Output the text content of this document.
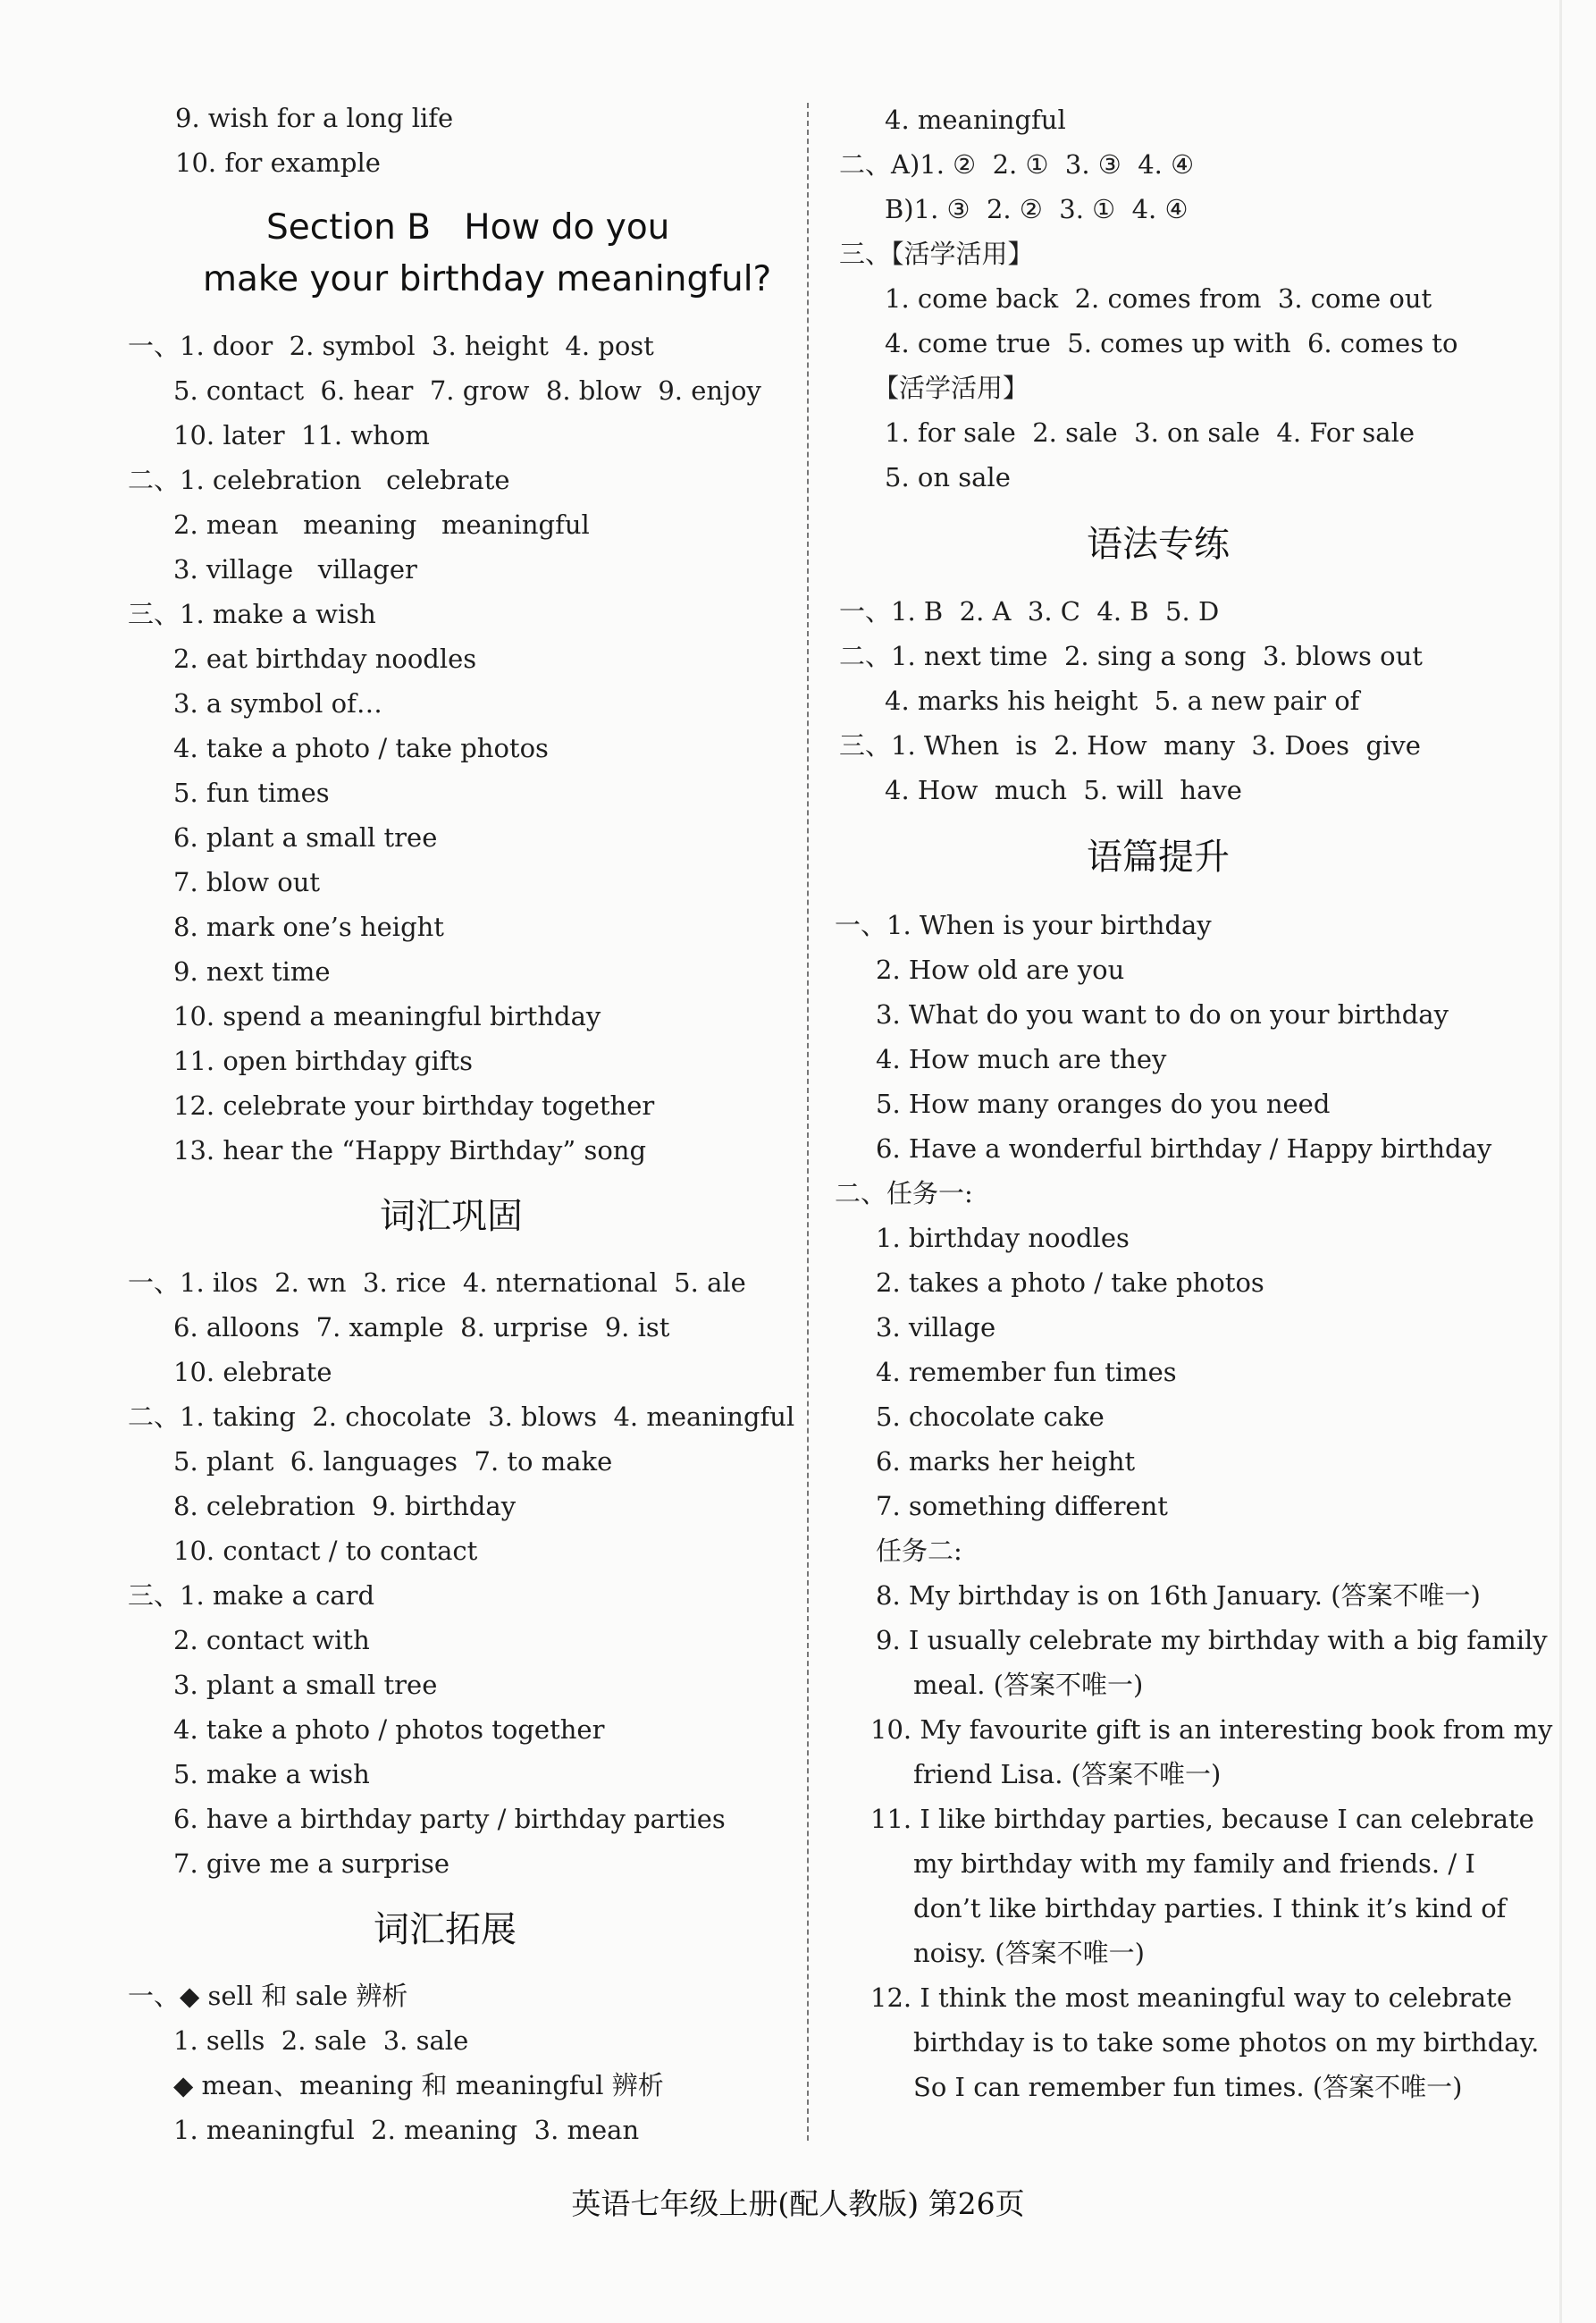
9. wish for a long life
10. for example
Section B   How do you
make your birthday meaningful?
一、1. door  2. symbol  3. height  4. post
5. contact  6. hear  7. grow  8. blow  9. enjoy
10. later  11. whom
二、1. celebration   celebrate
2. mean   meaning   meaningful
3. village   villager
三、1. make a wish
2. eat birthday noodles
3. a symbol of…
4. take a photo / take photos
5. fun times
6. plant a small tree
7. blow out
8. mark one’s height
9. next time
10. spend a meaningful birthday
11. open birthday gifts
12. celebrate your birthday together
13. hear the “Happy Birthday” song
词汇巩固
一、1. ilos  2. wn  3. rice  4. nternational  5. ale
6. alloons  7. xample  8. urprise  9. ist
10. elebrate
二、1. taking  2. chocolate  3. blows  4. meaningful
5. plant  6. languages  7. to make
8. celebration  9. birthday
10. contact / to contact
三、1. make a card
2. contact with
3. plant a small tree
4. take a photo / photos together
5. make a wish
6. have a birthday party / birthday parties
7. give me a surprise
词汇拓展
一、◆ sell 和 sale 辨析
1. sells  2. sale  3. sale
◆ mean、meaning 和 meaningful 辨析
1. meaningful  2. meaning  3. mean
4. meaningful
二、A)1. ②  2. ①  3. ③  4. ④
B)1. ③  2. ②  3. ①  4. ④
三、【活学活用】
1. come back  2. comes from  3. come out
4. come true  5. comes up with  6. comes to
【活学活用】
1. for sale  2. sale  3. on sale  4. For sale
5. on sale
语法专练
一、1. B  2. A  3. C  4. B  5. D
二、1. next time  2. sing a song  3. blows out
4. marks his height  5. a new pair of
三、1. When  is  2. How  many  3. Does  give
4. How  much  5. will  have
语篇提升
一、1. When is your birthday
2. How old are you
3. What do you want to do on your birthday
4. How much are they
5. How many oranges do you need
6. Have a wonderful birthday / Happy birthday
二、任务一:
1. birthday noodles
2. takes a photo / take photos
3. village
4. remember fun times
5. chocolate cake
6. marks her height
7. something different
任务二:
8. My birthday is on 16th January. (答案不唯一)
9. I usually celebrate my birthday with a big family
meal. (答案不唯一)
10. My favourite gift is an interesting book from my
friend Lisa. (答案不唯一)
11. I like birthday parties, because I can celebrate
my birthday with my family and friends. / I
don’t like birthday parties. I think it’s kind of
noisy. (答案不唯一)
12. I think the most meaningful way to celebrate
birthday is to take some photos on my birthday.
So I can remember fun times. (答案不唯一)
英语七年级上册(配人教版) 第26页
